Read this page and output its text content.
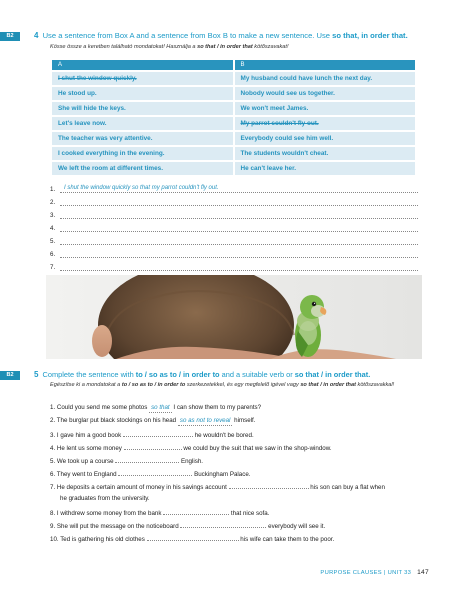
B2	4 Use a sentence from Box A and a sentence from Box B to make a new sentence. Use so that, in order that.
Kösse össze a keretben található mondatokat! Használja a so that / in order that kötőszavakat!
A	B
I shut the window quickly.	My husband could have lunch the next day.
He stood up.	Nobody would see us together.
She will hide the keys.	We won't meet James.
Let's leave now.	My parrot couldn't fly out.
The teacher was very attentive.	Everybody could see him well.
I cooked everything in the evening.	The students wouldn't cheat.
We left the room at different times.	He can't leave her.
1.	I shut the window quickly so that my parrot couldn't fly out.
2.
3.
4.
5.
6.
7.
B2	5 Complete the sentence with to / so as to / in order to and a suitable verb or so that / in order that.
Egészítse ki a mondatokat a to / so as to / in order to szerkezetekkel, és egy megfelelő igével vagy so that / in order that kötőszavakkal!
1. Could you send me some photos so that I can show them to my parents?
2. The burglar put black stockings on his head so as not to reveal himself.
3. I gave him a good book	he wouldn't be bored.
4. He lent us some money	we could buy the suit that we saw in the shop-window.
5. We took up a course	English.
6. They went to England	Buckingham Palace.
7. He deposits a certain amount of money in his savings account	his son can buy a flat when
he graduates from the university.
8. I withdrew some money from the bank	that nice sofa.
9. She will put the message on the noticeboard	everybody will see it.
10. Ted is gathering his old clothes	his wife can take them to the poor.
PURPOSE CLAUSES | UNIT 33 147
